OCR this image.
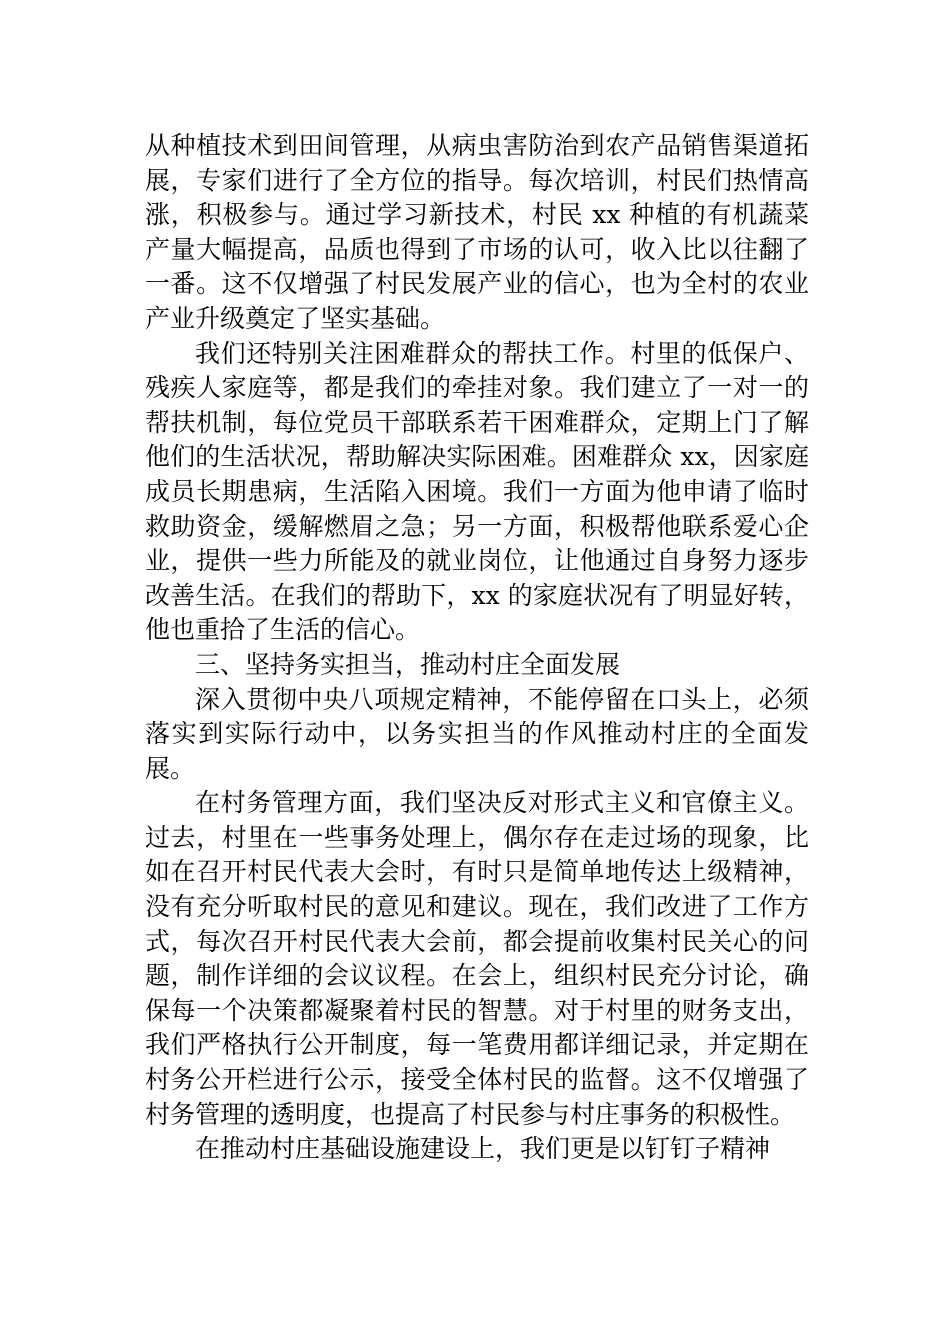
从种植技术到田间管理，从病虫害防治到农产品销售渠道拓展，专家们进行了全方位的指导。每次培训，村民们热情高涨，积极参与。通过学习新技术，村民 xx 种植的有机蔬菜产量大幅提高，品质也得到了市场的认可，收入比以往翻了一番。这不仅增强了村民发展产业的信心，也为全村的农业产业升级奠定了坚实基础。

我们还特别关注困难群众的帮扶工作。村里的低保户、残疾人家庭等，都是我们的牵挂对象。我们建立了一对一的帮扶机制，每位党员干部联系若干困难群众，定期上门了解他们的生活状况，帮助解决实际困难。困难群众 xx，因家庭成员长期患病，生活陷入困境。我们一方面为他申请了临时救助资金，缓解燃眉之急；另一方面，积极帮他联系爱心企业，提供一些力所能及的就业岗位，让他通过自身努力逐步改善生活。在我们的帮助下，xx 的家庭状况有了明显好转，他也重拾了生活的信心。

三、坚持务实担当，推动村庄全面发展

深入贯彻中央八项规定精神，不能停留在口头上，必须落实到实际行动中，以务实担当的作风推动村庄的全面发展。

在村务管理方面，我们坚决反对形式主义和官僚主义。过去，村里在一些事务处理上，偶尔存在走过场的现象，比如在召开村民代表大会时，有时只是简单地传达上级精神，没有充分听取村民的意见和建议。现在，我们改进了工作方式，每次召开村民代表大会前，都会提前收集村民关心的问题，制作详细的会议议程。在会上，组织村民充分讨论，确保每一个决策都凝聚着村民的智慧。对于村里的财务支出，我们严格执行公开制度，每一笔费用都详细记录，并定期在村务公开栏进行公示，接受全体村民的监督。这不仅增强了村务管理的透明度，也提高了村民参与村庄事务的积极性。

在推动村庄基础设施建设上，我们更是以钉钉子精神
